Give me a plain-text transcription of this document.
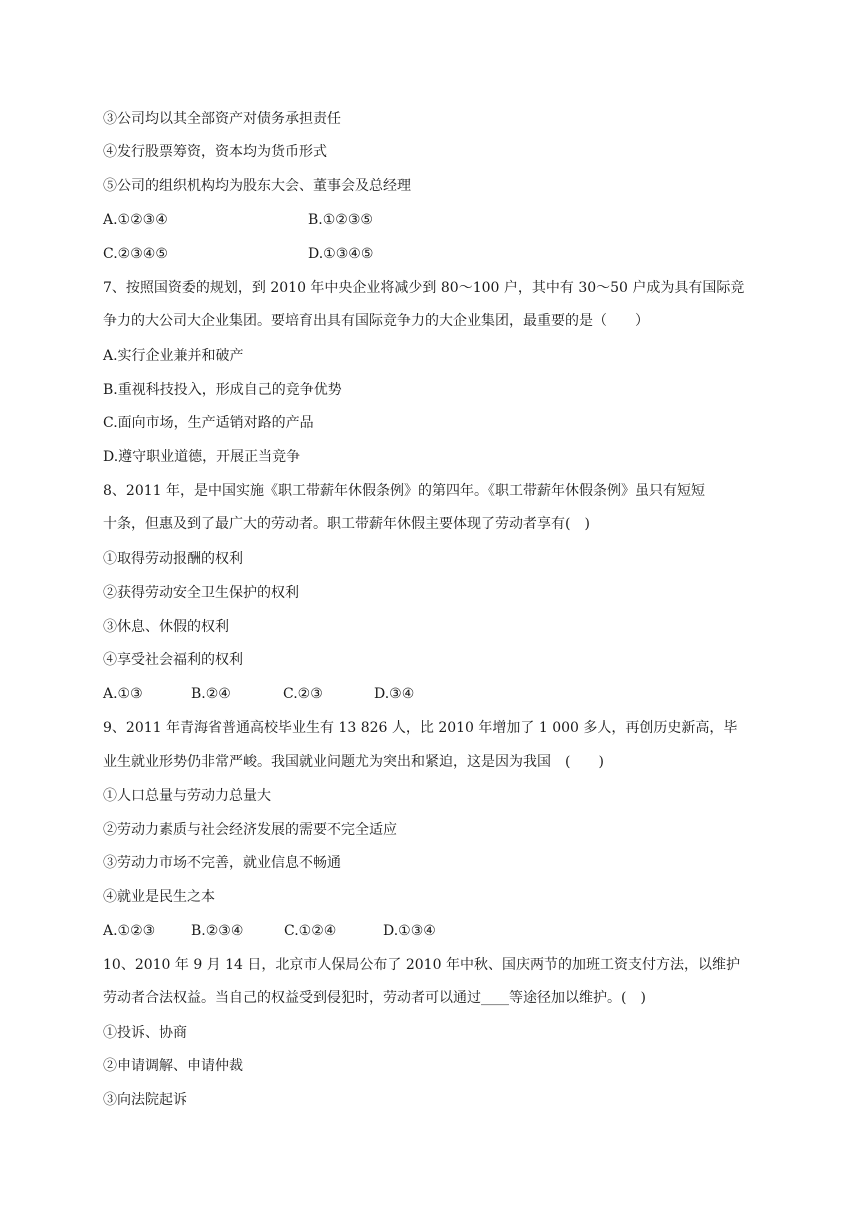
③公司均以其全部资产对债务承担责任
④发行股票筹资，资本均为货币形式
⑤公司的组织机构均为股东大会、董事会及总经理
A.①②③④	B.①②③⑤
C.②③④⑤	D.①③④⑤
7、按照国资委的规划，到 2010 年中央企业将减少到 80～100 户，其中有 30～50 户成为具有国际竞
争力的大公司大企业集团。要培育出具有国际竞争力的大企业集团，最重要的是（　　）
A.实行企业兼并和破产
B.重视科技投入，形成自己的竞争优势
C.面向市场，生产适销对路的产品
D.遵守职业道德，开展正当竞争
8、2011 年，是中国实施《职工带薪年休假条例》的第四年。《职工带薪年休假条例》虽只有短短
十条，但惠及到了最广大的劳动者。职工带薪年休假主要体现了劳动者享有(　)
①取得劳动报酬的权利
②获得劳动安全卫生保护的权利
③休息、休假的权利
④享受社会福利的权利
A.①③	B.②④	C.②③	D.③④
9、2011 年青海省普通高校毕业生有 13 826 人，比 2010 年增加了 1 000 多人，再创历史新高，毕
业生就业形势仍非常严峻。我国就业问题尤为突出和紧迫，这是因为我国　(　　)
①人口总量与劳动力总量大
②劳动力素质与社会经济发展的需要不完全适应
③劳动力市场不完善，就业信息不畅通
④就业是民生之本
A.①②③	B.②③④	C.①②④	D.①③④
10、2010 年 9 月 14 日，北京市人保局公布了 2010 年中秋、国庆两节的加班工资支付方法，以维护
劳动者合法权益。当自己的权益受到侵犯时，劳动者可以通过____等途径加以维护。(　)
①投诉、协商
②申请调解、申请仲裁
③向法院起诉
